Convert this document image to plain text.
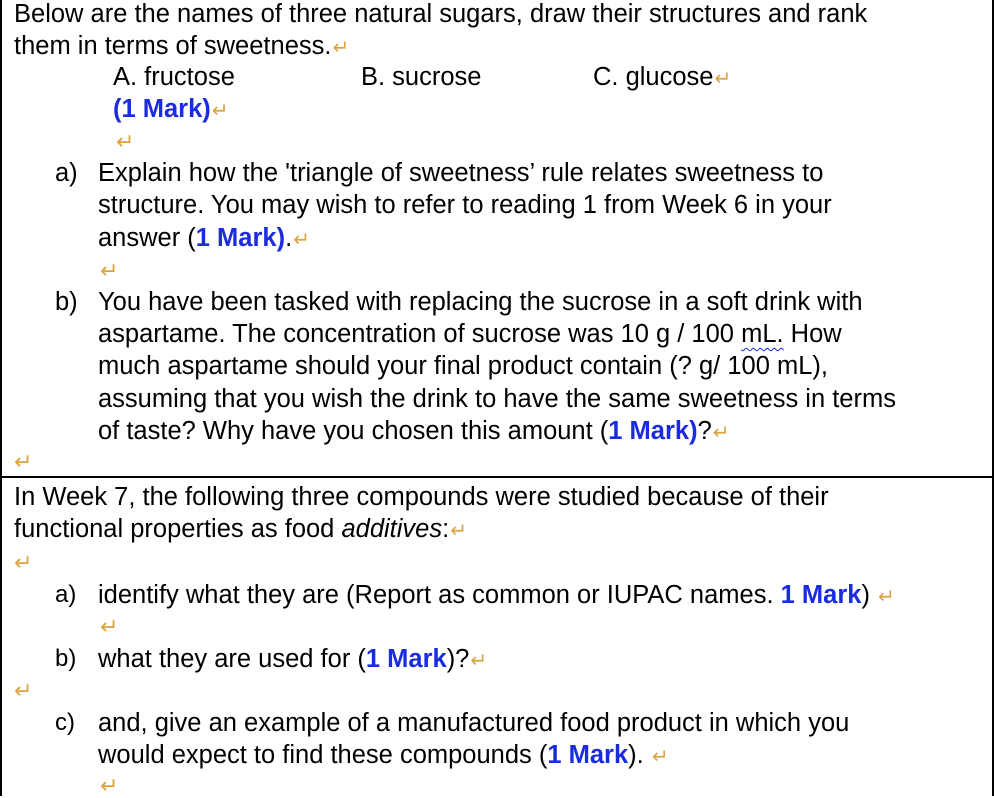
Below are the names of three natural sugars, draw their structures and rank
them in terms of sweetness.↵
A. fructose	B. sucrose	C. glucose↵
(1 Mark)↵
↵
a) Explain how the 'triangle of sweetness’ rule relates sweetness to
structure. You may wish to refer to reading 1 from Week 6 in your
answer (1 Mark).↵
↵
b) You have been tasked with replacing the sucrose in a soft drink with
aspartame. The concentration of sucrose was 10 g / 100 mL. How
much aspartame should your final product contain (? g/ 100 mL),
assuming that you wish the drink to have the same sweetness in terms
of taste? Why have you chosen this amount (1 Mark)?↵
↵
In Week 7, the following three compounds were studied because of their
functional properties as food additives:↵
↵
a) identify what they are (Report as common or IUPAC names. 1 Mark) ↵
↵
b) what they are used for (1 Mark)?↵
↵
c) and, give an example of a manufactured food product in which you
would expect to find these compounds (1 Mark). ↵
↵
